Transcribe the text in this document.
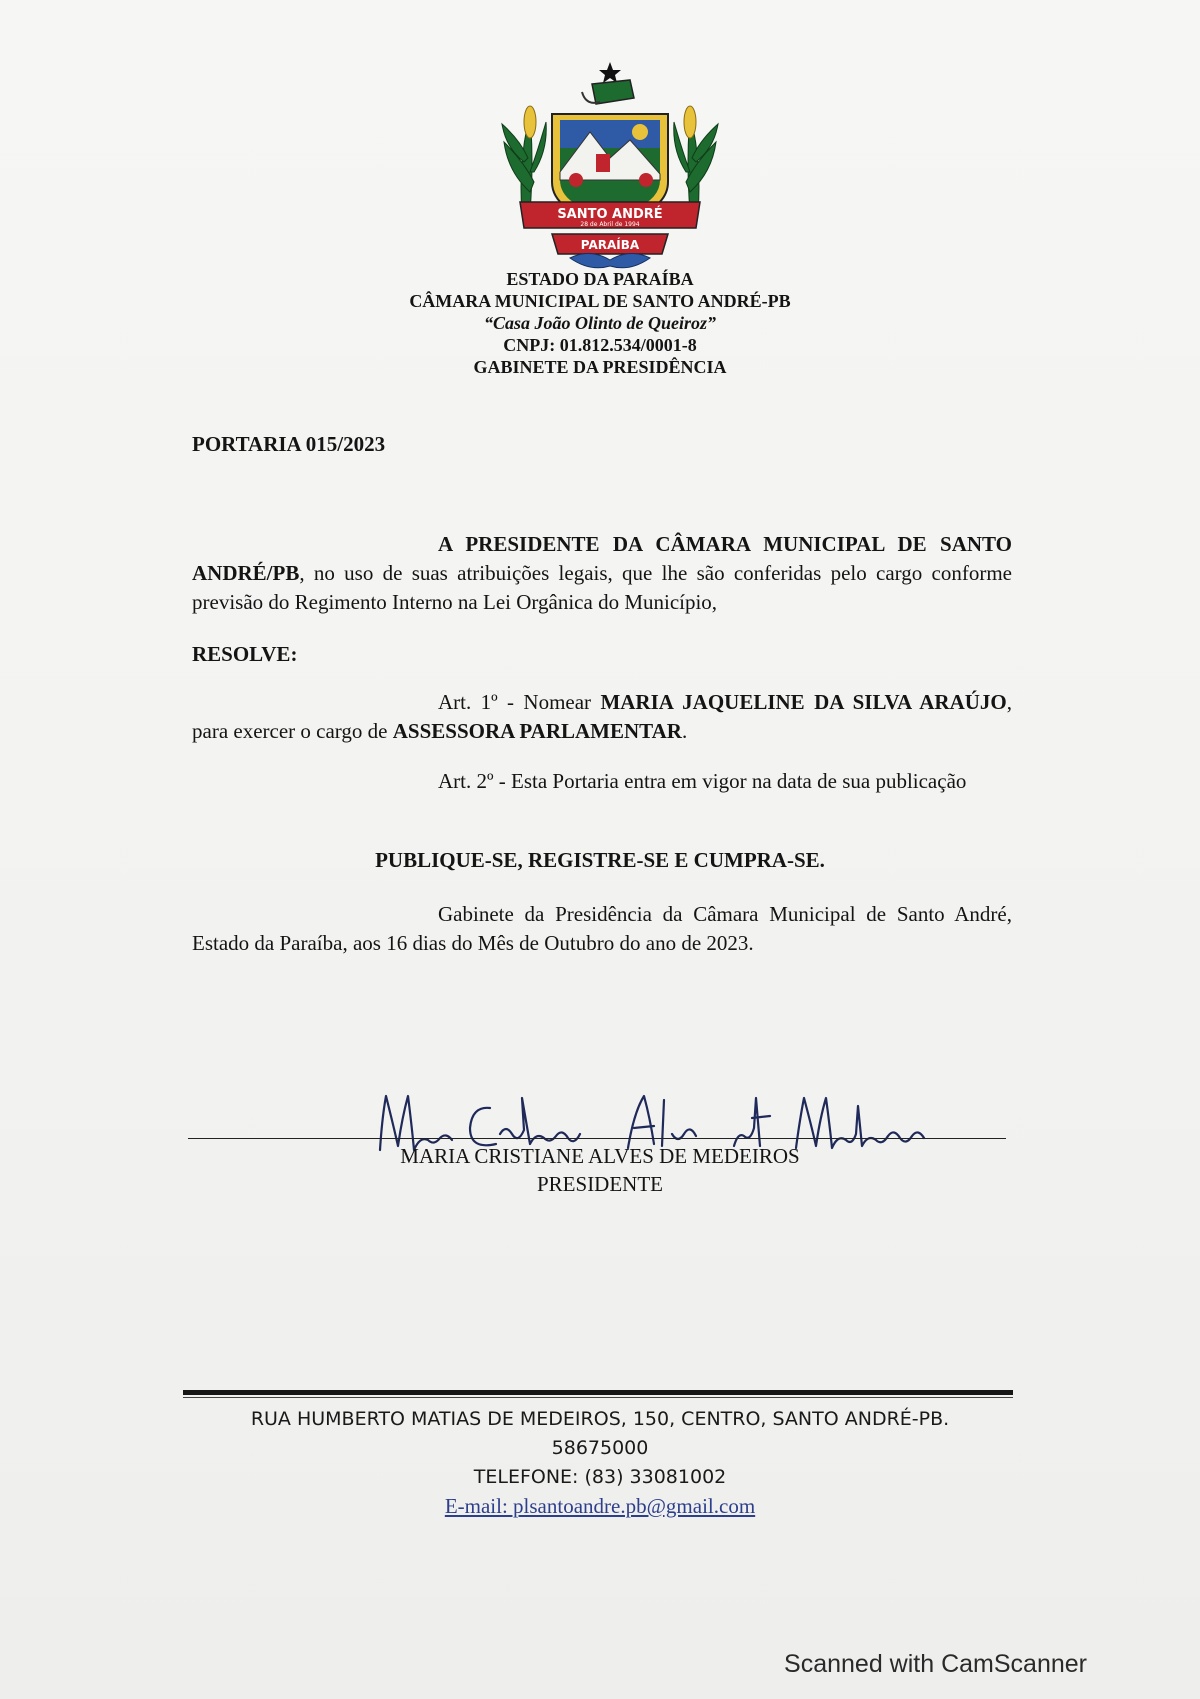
SANTO ANDRÉ
28 de Abril de 1994
PARAÍBA
ESTADO DA PARAÍBA
CÂMARA MUNICIPAL DE SANTO ANDRÉ-PB
“Casa João Olinto de Queiroz”
CNPJ: 01.812.534/0001-8
GABINETE DA PRESIDÊNCIA
PORTARIA 015/2023
A PRESIDENTE DA CÂMARA MUNICIPAL DE SANTO ANDRÉ/PB, no uso de suas atribuições legais, que lhe são conferidas pelo cargo conforme previsão do Regimento Interno na Lei Orgânica do Município,
RESOLVE:
Art. 1º - Nomear MARIA JAQUELINE DA SILVA ARAÚJO, para exercer o cargo de ASSESSORA PARLAMENTAR.
Art. 2º - Esta Portaria entra em vigor na data de sua publicação
PUBLIQUE-SE, REGISTRE-SE E CUMPRA-SE.
Gabinete da Presidência da Câmara Municipal de Santo André, Estado da Paraíba, aos 16 dias do Mês de Outubro do ano de 2023.
MARIA CRISTIANE ALVES DE MEDEIROS
PRESIDENTE
RUA HUMBERTO MATIAS DE MEDEIROS, 150, CENTRO, SANTO ANDRÉ-PB.
58675000
TELEFONE: (83) 33081002
E-mail: plsantoandre.pb@gmail.com
Scanned with CamScanner
